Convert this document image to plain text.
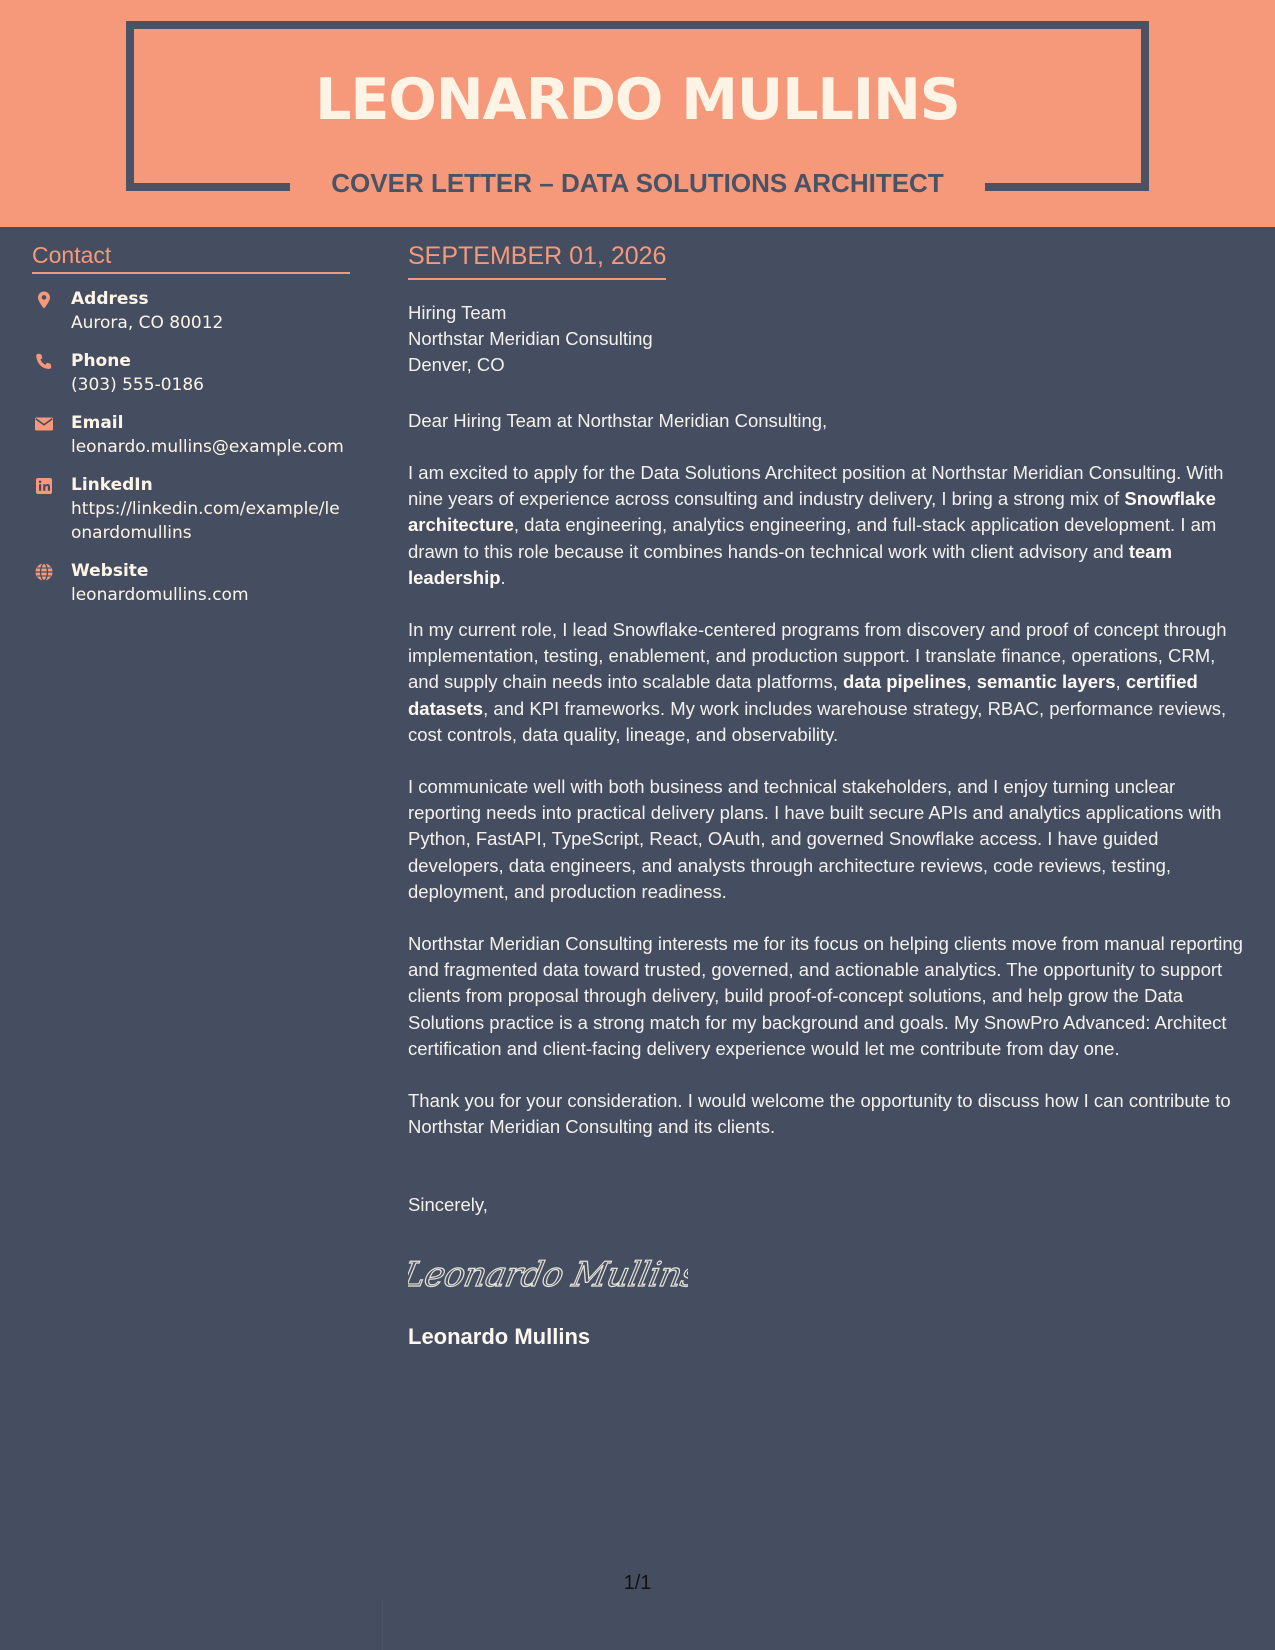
LEONARDO MULLINS
COVER LETTER – DATA SOLUTIONS ARCHITECT
Contact
Address
Aurora, CO 80012
Phone
(303) 555-0186
Email
leonardo.mullins@example.com
LinkedIn
https://linkedin.com/example/leonardomullins
Website
leonardomullins.com
SEPTEMBER 01, 2026
Hiring Team
Northstar Meridian Consulting
Denver, CO
Dear Hiring Team at Northstar Meridian Consulting,
I am excited to apply for the Data Solutions Architect position at Northstar Meridian Consulting. With nine years of experience across consulting and industry delivery, I bring a strong mix of Snowflake architecture, data engineering, analytics engineering, and full-stack application development. I am drawn to this role because it combines hands-on technical work with client advisory and team leadership.
In my current role, I lead Snowflake-centered programs from discovery and proof of concept through implementation, testing, enablement, and production support. I translate finance, operations, CRM, and supply chain needs into scalable data platforms, data pipelines, semantic layers, certified datasets, and KPI frameworks. My work includes warehouse strategy, RBAC, performance reviews, cost controls, data quality, lineage, and observability.
I communicate well with both business and technical stakeholders, and I enjoy turning unclear reporting needs into practical delivery plans. I have built secure APIs and analytics applications with Python, FastAPI, TypeScript, React, OAuth, and governed Snowflake access. I have guided developers, data engineers, and analysts through architecture reviews, code reviews, testing, deployment, and production readiness.
Northstar Meridian Consulting interests me for its focus on helping clients move from manual reporting and fragmented data toward trusted, governed, and actionable analytics. The opportunity to support clients from proposal through delivery, build proof-of-concept solutions, and help grow the Data Solutions practice is a strong match for my background and goals. My SnowPro Advanced: Architect certification and client-facing delivery experience would let me contribute from day one.
Thank you for your consideration. I would welcome the opportunity to discuss how I can contribute to Northstar Meridian Consulting and its clients.
Sincerely,
Leonardo Mullins
Leonardo Mullins
1/1
